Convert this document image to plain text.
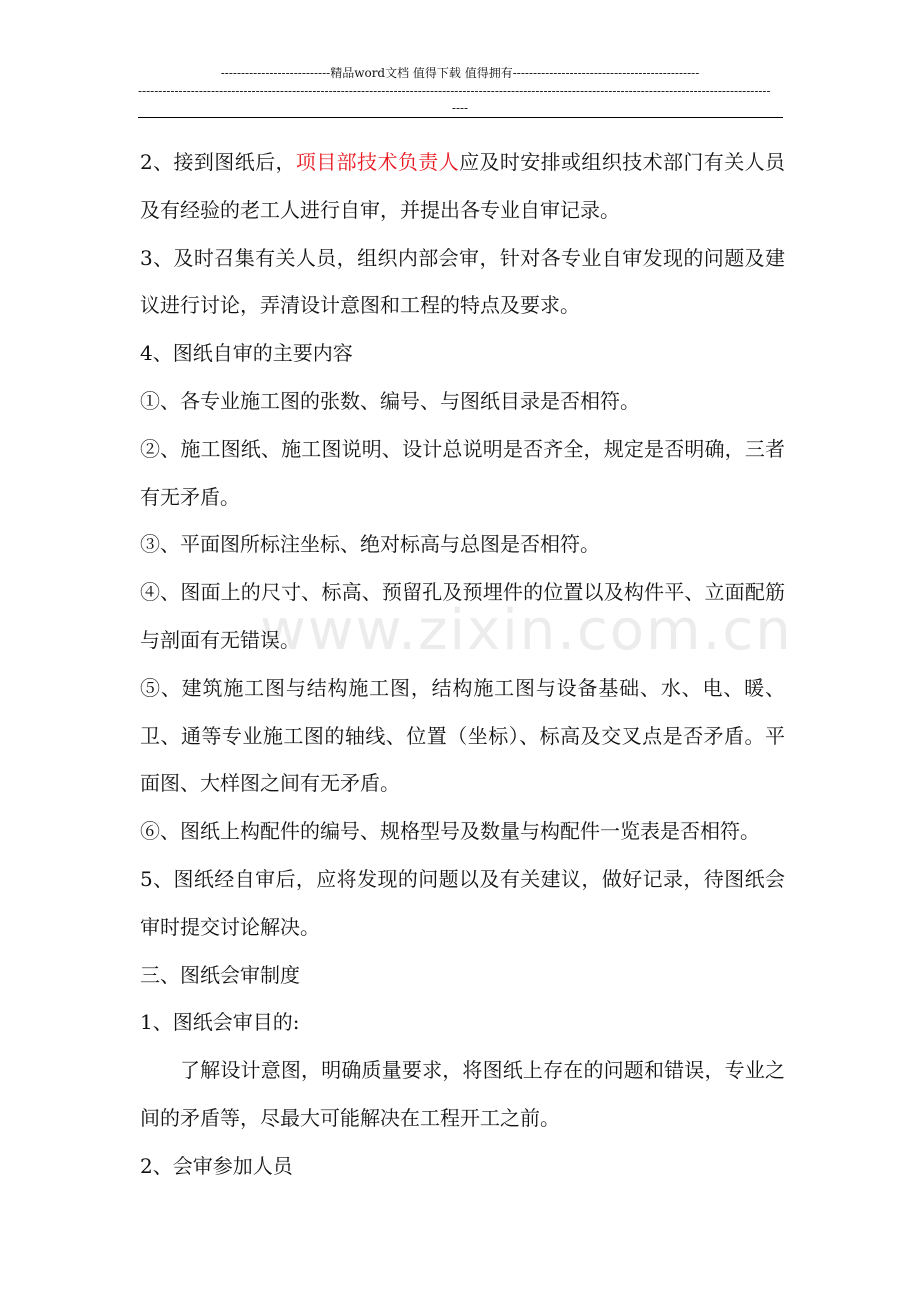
---------------------------精品word文档 值得下载 值得拥有----------------------------------------------
------------------------------------------------------------------------------------------------------------------------------------------------------------
----
www.zixin.com.cn

2、接到图纸后，项目部技术负责人应及时安排或组织技术部门有关人员及有经验的老工人进行自审，并提出各专业自审记录。

3、及时召集有关人员，组织内部会审，针对各专业自审发现的问题及建议进行讨论，弄清设计意图和工程的特点及要求。

4、图纸自审的主要内容

①、各专业施工图的张数、编号、与图纸目录是否相符。

②、施工图纸、施工图说明、设计总说明是否齐全，规定是否明确，三者有无矛盾。

③、平面图所标注坐标、绝对标高与总图是否相符。

④、图面上的尺寸、标高、预留孔及预埋件的位置以及构件平、立面配筋与剖面有无错误。

⑤、建筑施工图与结构施工图，结构施工图与设备基础、水、电、暖、卫、通等专业施工图的轴线、位置（坐标）、标高及交叉点是否矛盾。平面图、大样图之间有无矛盾。

⑥、图纸上构配件的编号、规格型号及数量与构配件一览表是否相符。

5、图纸经自审后，应将发现的问题以及有关建议，做好记录，待图纸会审时提交讨论解决。

三、图纸会审制度

1、图纸会审目的:

了解设计意图，明确质量要求，将图纸上存在的问题和错误，专业之间的矛盾等，尽最大可能解决在工程开工之前。

2、会审参加人员
